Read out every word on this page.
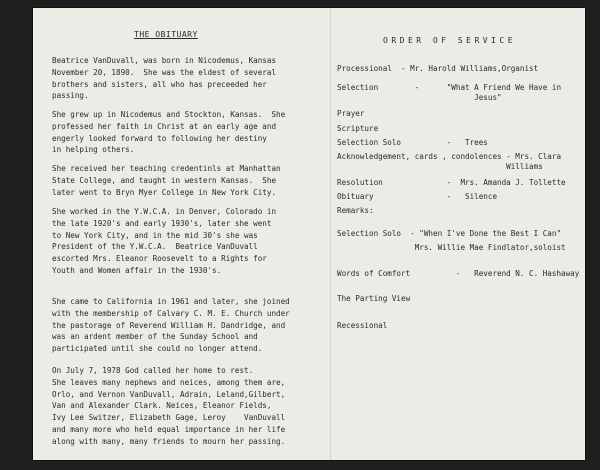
THE OBITUARY
Beatrice VanDuvall, was born in Nicodemus, Kansas
November 20, 1890.  She was the eldest of several
brothers and sisters, all who has preceeded her
passing.
She grew up in Nicodemus and Stockton, Kansas.  She
professed her faith in Christ at an early age and
engerly looked forward to following her destiny
in helping others.
She received her teaching credentinls at Manhattan
State College, and taught in western Kansas.  She
later went to Bryn Myer College in New York City.
She worked in the Y.W.C.A. in Denver, Colorado in
the late 1920's and early 1930's, later she went
to New York City, and in the mid 30's she was
President of the Y.W.C.A.  Beatrice VanDuvall
escorted Mrs. Eleanor Roosevelt to a Rights for
Youth and Women affair in the 1930's.
She came to California in 1961 and later, she joined
with the membership of Calvary C. M. E. Church under
the pastorage of Reverend William H. Dandridge, and
was an ardent member of the Sunday School and
participated until she could no longer attend.
On July 7, 1978 God called her home to rest.
She leaves many nephews and neices, among them are,
Orlo, and Vernon VanDuvall, Adrain, Leland,Gilbert,
Van and Alexander Clark. Neices, Eleanor Fields,
Ivy Lee Switzer, Elizabeth Gage, Leroy    VanDuvall
and many more who held equal importance in her life
along with many, many friends to mourn her passing.
ORDER OF SERVICE
Processional  - Mr. Harold Williams,Organist
Selection        -      "What A Friend We Have in
Jesus"
Prayer
Scripture
Selection Solo          -   Trees
Acknowledgement, cards , condolences - Mrs. Clara
Williams
Resolution              -  Mrs. Amanda J. Tollette
Obituary                -   Silence
Remarks:
Selection Solo  - "When I've Done the Best I Can"
Mrs. Willie Mae Findlator,soloist
Words of Comfort          -   Reverend N. C. Hashaway
The Parting View
Recessional
